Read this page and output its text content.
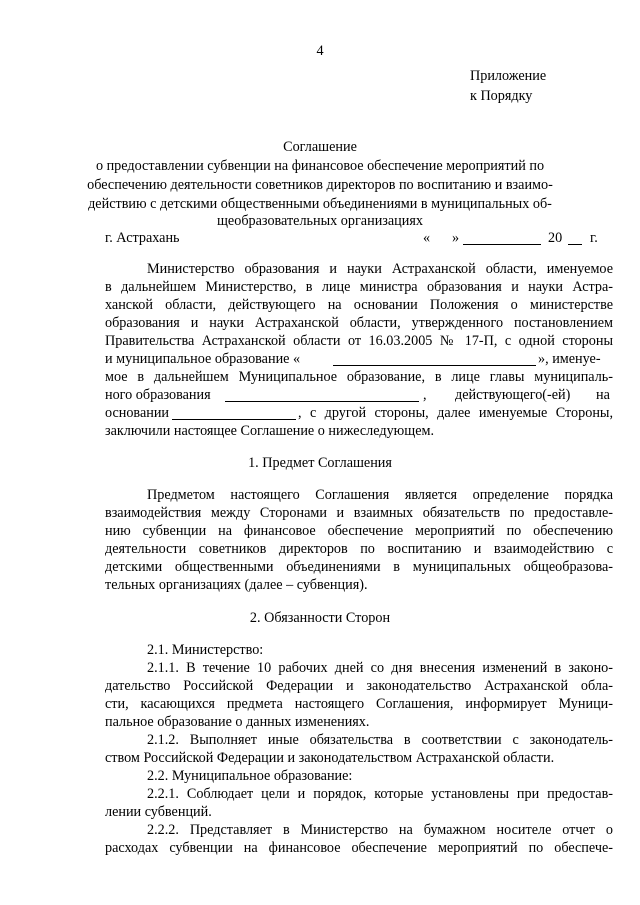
4
Приложение
к Порядку
Соглашение
о предоставлении субвенции на финансовое обеспечение мероприятий по
обеспечению деятельности советников директоров по воспитанию и взаимо-
действию с детскими общественными объединениями в муниципальных об-
щеобразовательных организациях
г. Астрахань	« »	20 г.
Министерство образования и науки Астраханской области, именуемое
в дальнейшем Министерство, в лице министра образования и науки Астра-
ханской области, действующего на основании Положения о министерстве
образования и науки Астраханской области, утвержденного постановлением
Правительства Астраханской области от 16.03.2005 № 17-П, с одной стороны
и муниципальное образование «	», именуе-
мое в дальнейшем Муниципальное образование, в лице главы муниципаль-
ного образования	, действующего(-ей) на
основании	, с другой стороны, далее именуемые Стороны,
заключили настоящее Соглашение о нижеследующем.
1. Предмет Соглашения
Предметом настоящего Соглашения является определение порядка
взаимодействия между Сторонами и взаимных обязательств по предоставле-
нию субвенции на финансовое обеспечение мероприятий по обеспечению
деятельности советников директоров по воспитанию и взаимодействию с
детскими общественными объединениями в муниципальных общеобразова-
тельных организациях (далее – субвенция).
2. Обязанности Сторон
2.1. Министерство:
2.1.1. В течение 10 рабочих дней со дня внесения изменений в законо-
дательство Российской Федерации и законодательство Астраханской обла-
сти, касающихся предмета настоящего Соглашения, информирует Муници-
пальное образование о данных изменениях.
2.1.2. Выполняет иные обязательства в соответствии с законодатель-
ством Российской Федерации и законодательством Астраханской области.
2.2. Муниципальное образование:
2.2.1. Соблюдает цели и порядок, которые установлены при предостав-
лении субвенций.
2.2.2. Представляет в Министерство на бумажном носителе отчет о
расходах субвенции на финансовое обеспечение мероприятий по обеспече-
